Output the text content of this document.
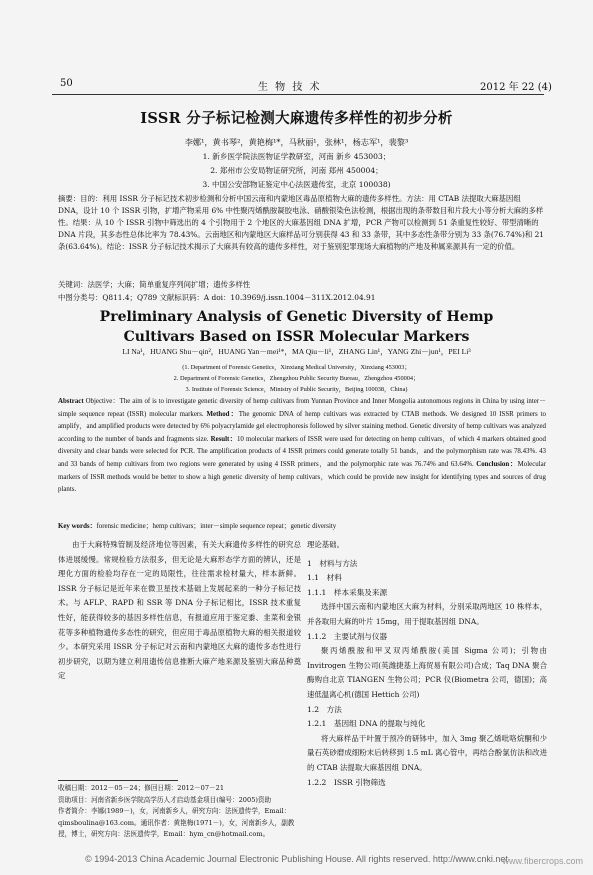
50	生 物 技 术	2012 年 22 (4)
ISSR 分子标记检测大麻遗传多样性的初步分析
李娜¹，黄书琴²，黄艳梅¹*，马秋丽¹，张林¹，杨志军¹，裴黎³
1. 新乡医学院法医物证学教研室，河南 新乡 453003；
2. 郑州市公安局物证研究所，河南 郑州 450004；
3. 中国公安部物证鉴定中心法医遗传室，北京 100038)
摘要：目的：利用 ISSR 分子标记技术初步检测和分析中国云南和内蒙地区毒品原植物大麻的遗传多样性。方法：用 CTAB 法提取大麻基因组 DNA，设计 10 个 ISSR 引物，扩增产物采用 6% 中性聚丙烯酰胺凝胶电泳、硝酸银染色法检测，根据出现的条带数目和片段大小等分析大麻的多样性。结果：从 10 个 ISSR 引物中筛选出的 4 个引物用于 2 个地区的大麻基因组 DNA 扩增，PCR 产物可以检测到 51 条重复性较好、带型清晰的 DNA 片段，其多态性总体比率为 78.43%。云南地区和内蒙地区大麻样品可分别获得 43 和 33 条带，其中多态性条带分别为 33 条(76.74%)和 21 条(63.64%)。结论：ISSR 分子标记技术揭示了大麻具有较高的遗传多样性，对于鉴别犯罪现场大麻植物的产地及种属来源具有一定的价值。
关键词：法医学；大麻；简单重复序列间扩增；遗传多样性
中图分类号：Q811.4；Q789 文献标识码：A doi：10.3969/j.issn.1004－311X.2012.04.91
Preliminary Analysis of Genetic Diversity of Hemp
Cultivars Based on ISSR Molecular Markers
LI Na¹，HUANG Shu－qin²，HUANG Yan－mei¹*，MA Qiu－li¹，ZHANG Lin¹，YANG Zhi－jun¹，PEI Li³
(1. Department of Forensic Genetics，Xinxiang Medical University，Xinxiang 453003；
2. Department of Forensic Genetics，Zhengzhou Public Security Bureau，Zhengzhou 450004；
3. Institute of Forensic Science，Ministry of Public Security，Beijing 100038，China)
Abstract Objective：The aim of is to investigate genetic diversity of hemp cultivars from Yunnan Province and Inner Mongolia autonomous regions in China by using inter－simple sequence repeat (ISSR) molecular markers. Method：The genomic DNA of hemp cultivars was extracted by CTAB methods. We designed 10 ISSR primers to amplify，and amplified products were detected by 6% polyacrylamide gel electrophoresis followed by silver staining method. Genetic diversity of hemp cultivars was analyzed according to the number of bands and fragments size. Result：10 molecular markers of ISSR were used for detecting on hemp cultivars，of which 4 markers obtained good diversity and clear bands were selected for PCR. The amplification products of 4 ISSR primers could generate totally 51 bands，and the polymorphism rate was 78.43%. 43 and 33 bands of hemp cultivars from two regions were generated by using 4 ISSR primers，and the polymorphic rate was 76.74% and 63.64%. Conclusion：Molecular markers of ISSR methods would be better to show a high genetic diversity of hemp cultivars，which could be provide new insight for identifying types and sources of drug plants.
Key words：forensic medicine；hemp cultivars；inter－simple sequence repeat；genetic diversity

由于大麻特殊管制及经济地位等因素，有关大麻遗传多样性的研究总体进展缓慢。常规检验方法很多，但无论是大麻形态学方面的辨认，还是理化方面的检验均存在一定的局限性，往往需求检材量大，样本新鲜。ISSR 分子标记是近年来在微卫星技术基础上发展起来的一种分子标记技术。与 AFLP、RAPD 和 SSR 等 DNA 分子标记相比，ISSR 技术重复性好，能获得较多的基因多样性信息，有报道应用于鉴定黍、韭菜和金银花等多种植物遗传多态性的研究，但应用于毒品原植物大麻的相关报道较少。本研究采用 ISSR 分子标记对云南和内蒙地区大麻的遗传多态性进行初步研究，以期为建立利用遗传信息推断大麻产地来源及鉴别大麻品种奠定

理论基础。

1　材料与方法

1.1　材料

1.1.1　样本采集及来源

选择中国云南和内蒙地区大麻为材料，分别采取两地区 10 株样本，并各取用大麻的叶片 15mg，用于提取基因组 DNA。

1.1.2　主要试剂与仪器

聚丙烯酰胺和甲叉双丙烯酰胺(美国 Sigma 公司)；引物由 Invitrogen 生物公司(英潍捷基上海贸易有限公司)合成；Taq DNA 聚合酶购自北京 TIANGEN 生物公司；PCR 仪(Biometra 公司，德国)；高速低温离心机(德国 Hettich 公司)

1.2　方法

1.2.1　基因组 DNA 的提取与纯化

将大麻样品干叶置于预冷的研钵中，加入 3mg 聚乙烯吡咯烷酮和少量石英砂磨成细粉末后转移到 1.5 mL 离心管中，再结合酚氯仿法和改进的 CTAB 法提取大麻基因组 DNA。

1.2.2　ISSR 引物筛选

收稿日期：2012－05－24；修回日期：2012－07－21

资助项目：河南省新乡医学院高学历人才启动基金项目(编号：2005)资助

作者简介：李娜(1989－)，女，河南新乡人，研究方向：法医遗传学，Email：qimsboulina@163.com。通讯作者：黄艳梅(1971－)，女，河南新乡人，副教授，博士，研究方向：法医遗传学，Email：hym_cn@hotmail.com。

© 1994-2013 China Academic Journal Electronic Publishing House. All rights reserved. http://www.cnki.net
www.fibercrops.com
